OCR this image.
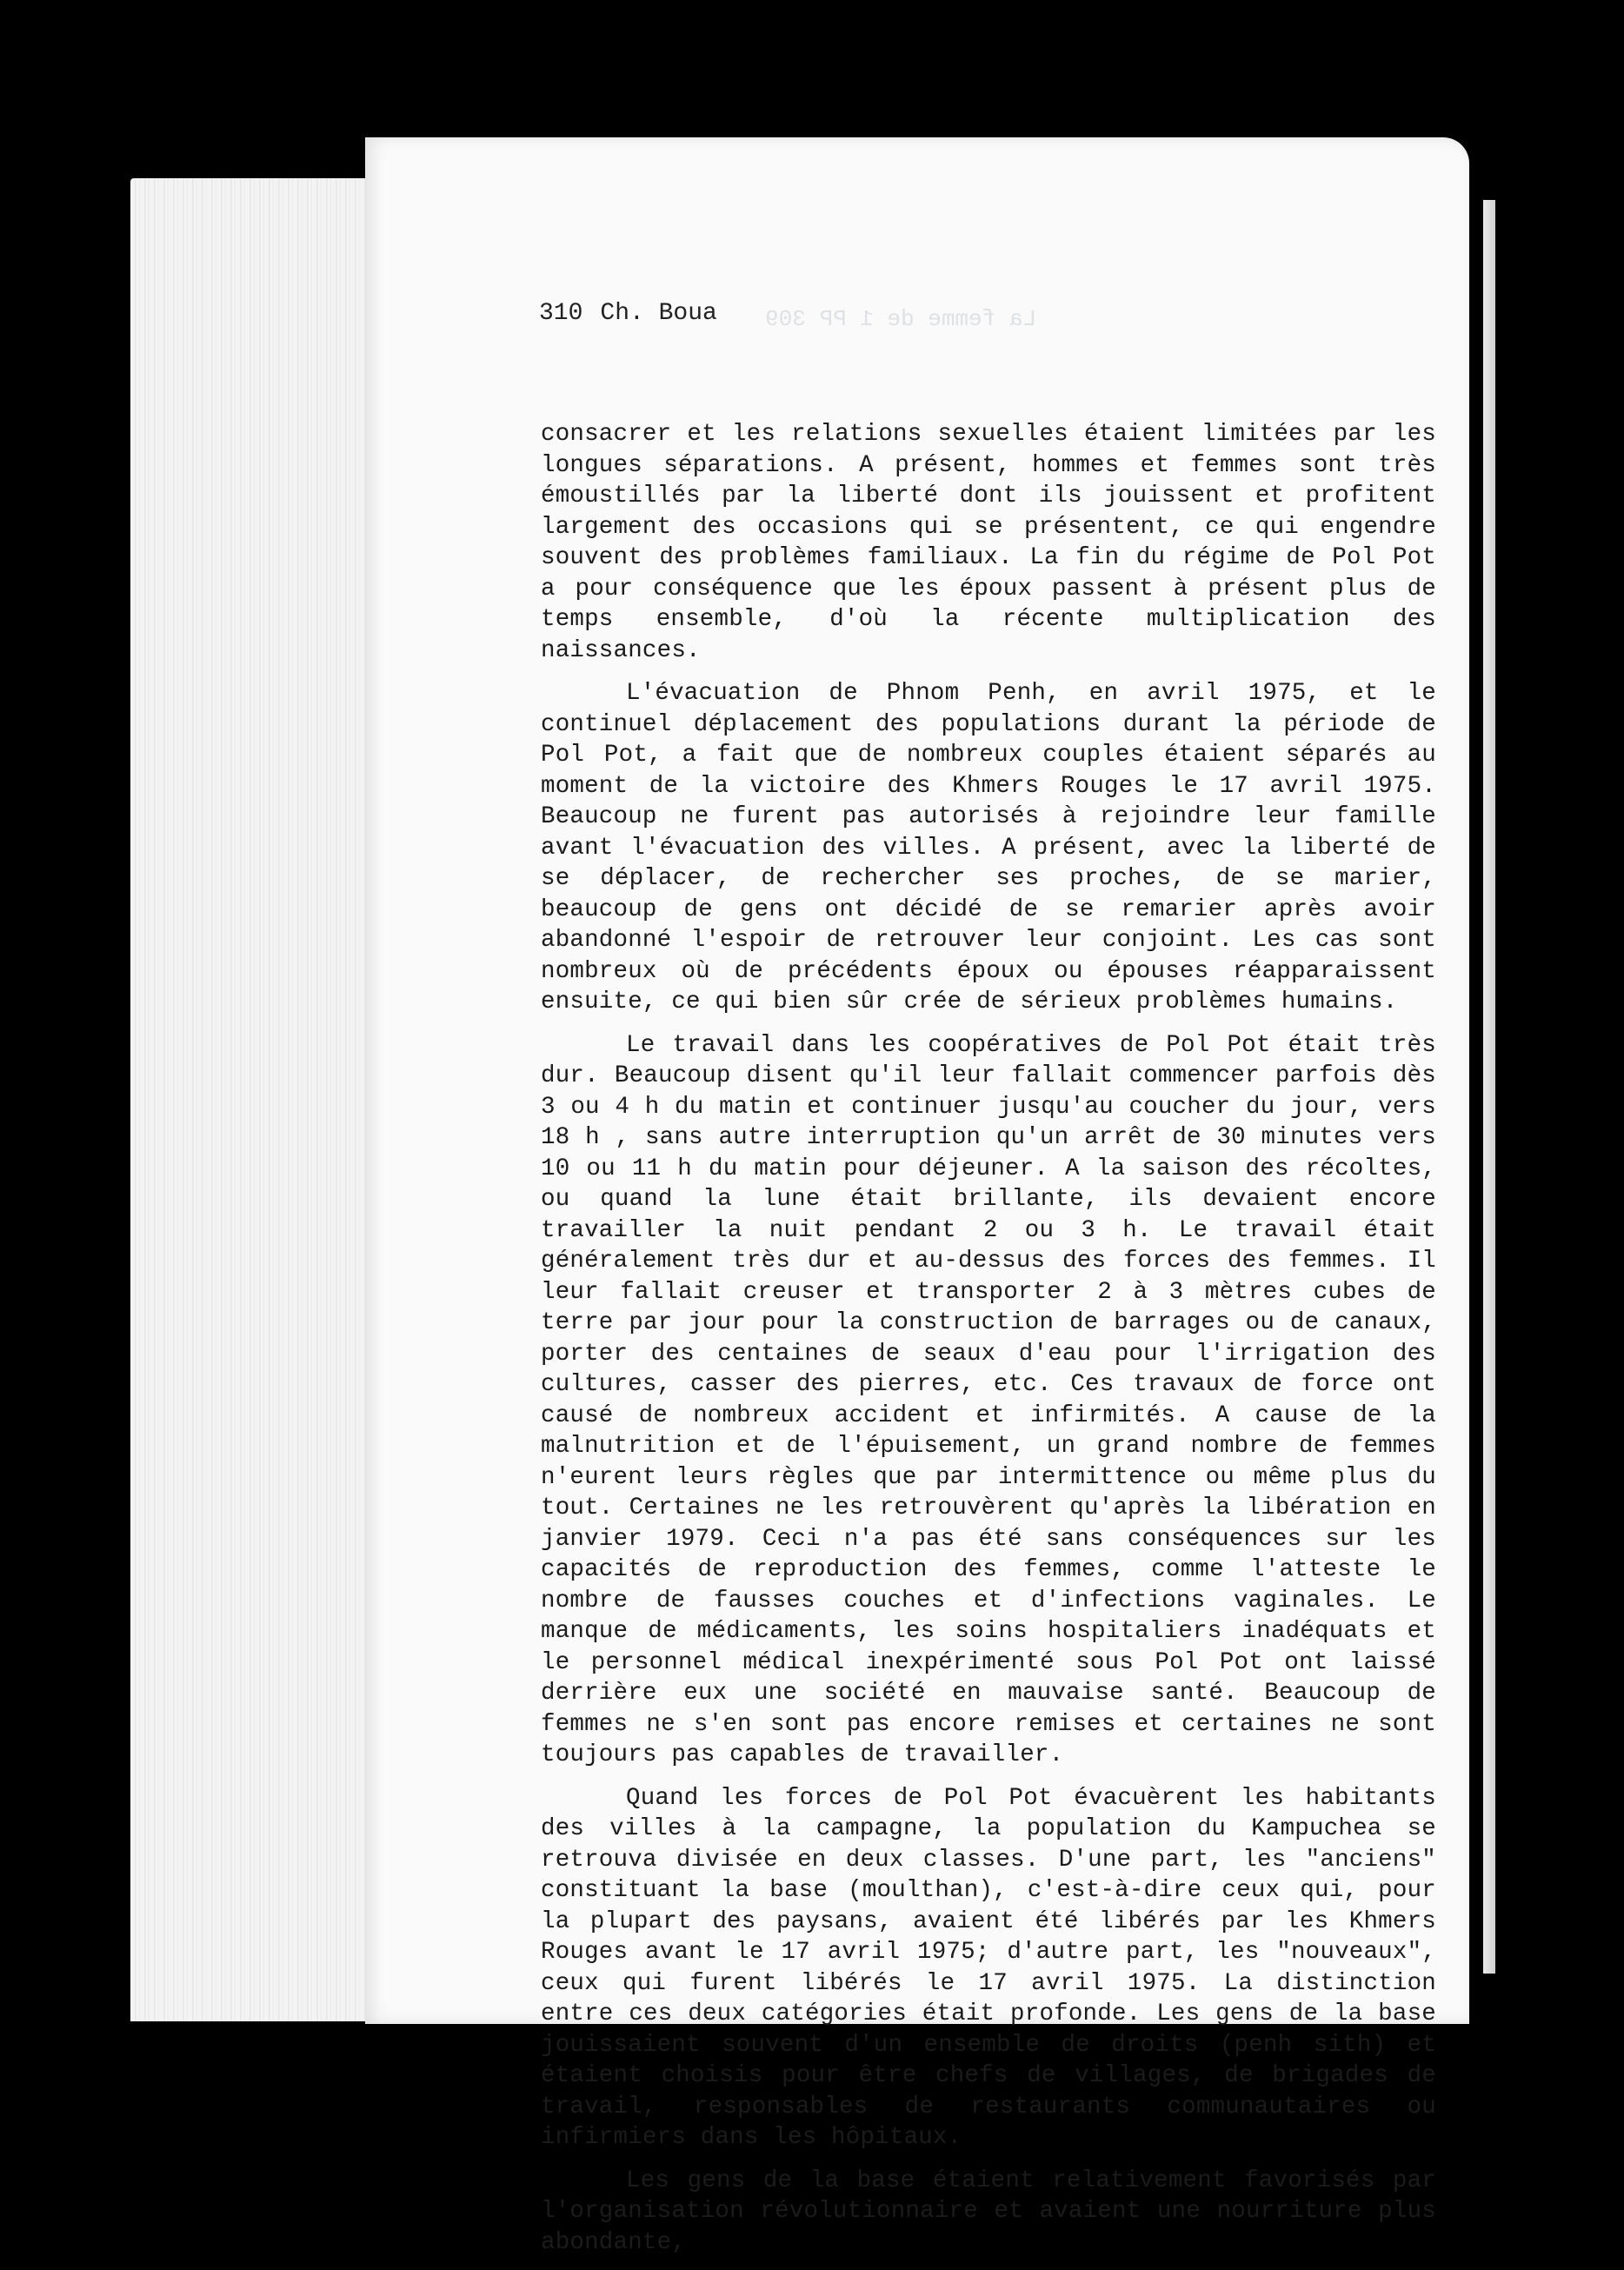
La femme de 1 PP 309
310 Ch. Boua

consacrer et les relations sexuelles étaient limitées par les longues séparations. A présent, hommes et femmes sont très émoustillés par la liberté dont ils jouissent et profitent largement des occasions qui se présentent, ce qui engendre souvent des problèmes familiaux. La fin du régime de Pol Pot a pour conséquence que les époux passent à présent plus de temps ensemble, d'où la récente multiplication des naissances.

L'évacuation de Phnom Penh, en avril 1975, et le continuel déplacement des populations durant la période de Pol Pot, a fait que de nombreux couples étaient séparés au moment de la victoire des Khmers Rouges le 17 avril 1975. Beaucoup ne furent pas autorisés à rejoindre leur famille avant l'évacuation des villes. A présent, avec la liberté de se déplacer, de rechercher ses proches, de se marier, beaucoup de gens ont décidé de se remarier après avoir abandonné l'espoir de retrouver leur conjoint. Les cas sont nombreux où de précédents époux ou épouses réapparaissent ensuite, ce qui bien sûr crée de sérieux problèmes humains.

Le travail dans les coopératives de Pol Pot était très dur. Beaucoup disent qu'il leur fallait commencer parfois dès 3 ou 4 h du matin et continuer jusqu'au coucher du jour, vers 18 h , sans autre interruption qu'un arrêt de 30 minutes vers 10 ou 11 h du matin pour déjeuner. A la saison des récoltes, ou quand la lune était brillante, ils devaient encore travailler la nuit pendant 2 ou 3 h. Le travail était généralement très dur et au-dessus des forces des femmes. Il leur fallait creuser et transporter 2 à 3 mètres cubes de terre par jour pour la construction de barrages ou de canaux, porter des centaines de seaux d'eau pour l'irrigation des cultures, casser des pierres, etc. Ces travaux de force ont causé de nombreux accident et infirmités. A cause de la malnutrition et de l'épuisement, un grand nombre de femmes n'eurent leurs règles que par intermittence ou même plus du tout. Certaines ne les retrouvèrent qu'après la libération en janvier 1979. Ceci n'a pas été sans conséquences sur les capacités de reproduction des femmes, comme l'atteste le nombre de fausses couches et d'infections vaginales. Le manque de médicaments, les soins hospitaliers inadéquats et le personnel médical inexpérimenté sous Pol Pot ont laissé derrière eux une société en mauvaise santé. Beaucoup de femmes ne s'en sont pas encore remises et certaines ne sont toujours pas capables de travailler.

Quand les forces de Pol Pot évacuèrent les habitants des villes à la campagne, la population du Kampuchea se retrouva divisée en deux classes. D'une part, les "anciens" constituant la base (moulthan), c'est-à-dire ceux qui, pour la plupart des paysans, avaient été libérés par les Khmers Rouges avant le 17 avril 1975; d'autre part, les "nouveaux", ceux qui furent libérés le 17 avril 1975. La distinction entre ces deux catégories était profonde. Les gens de la base jouissaient souvent d'un ensemble de droits (penh sith) et étaient choisis pour être chefs de villages, de brigades de travail, responsables de restaurants communautaires ou infirmiers dans les hôpitaux.

Les gens de la base étaient relativement favorisés par l'organisation révolutionnaire et avaient une nourriture plus abondante,
